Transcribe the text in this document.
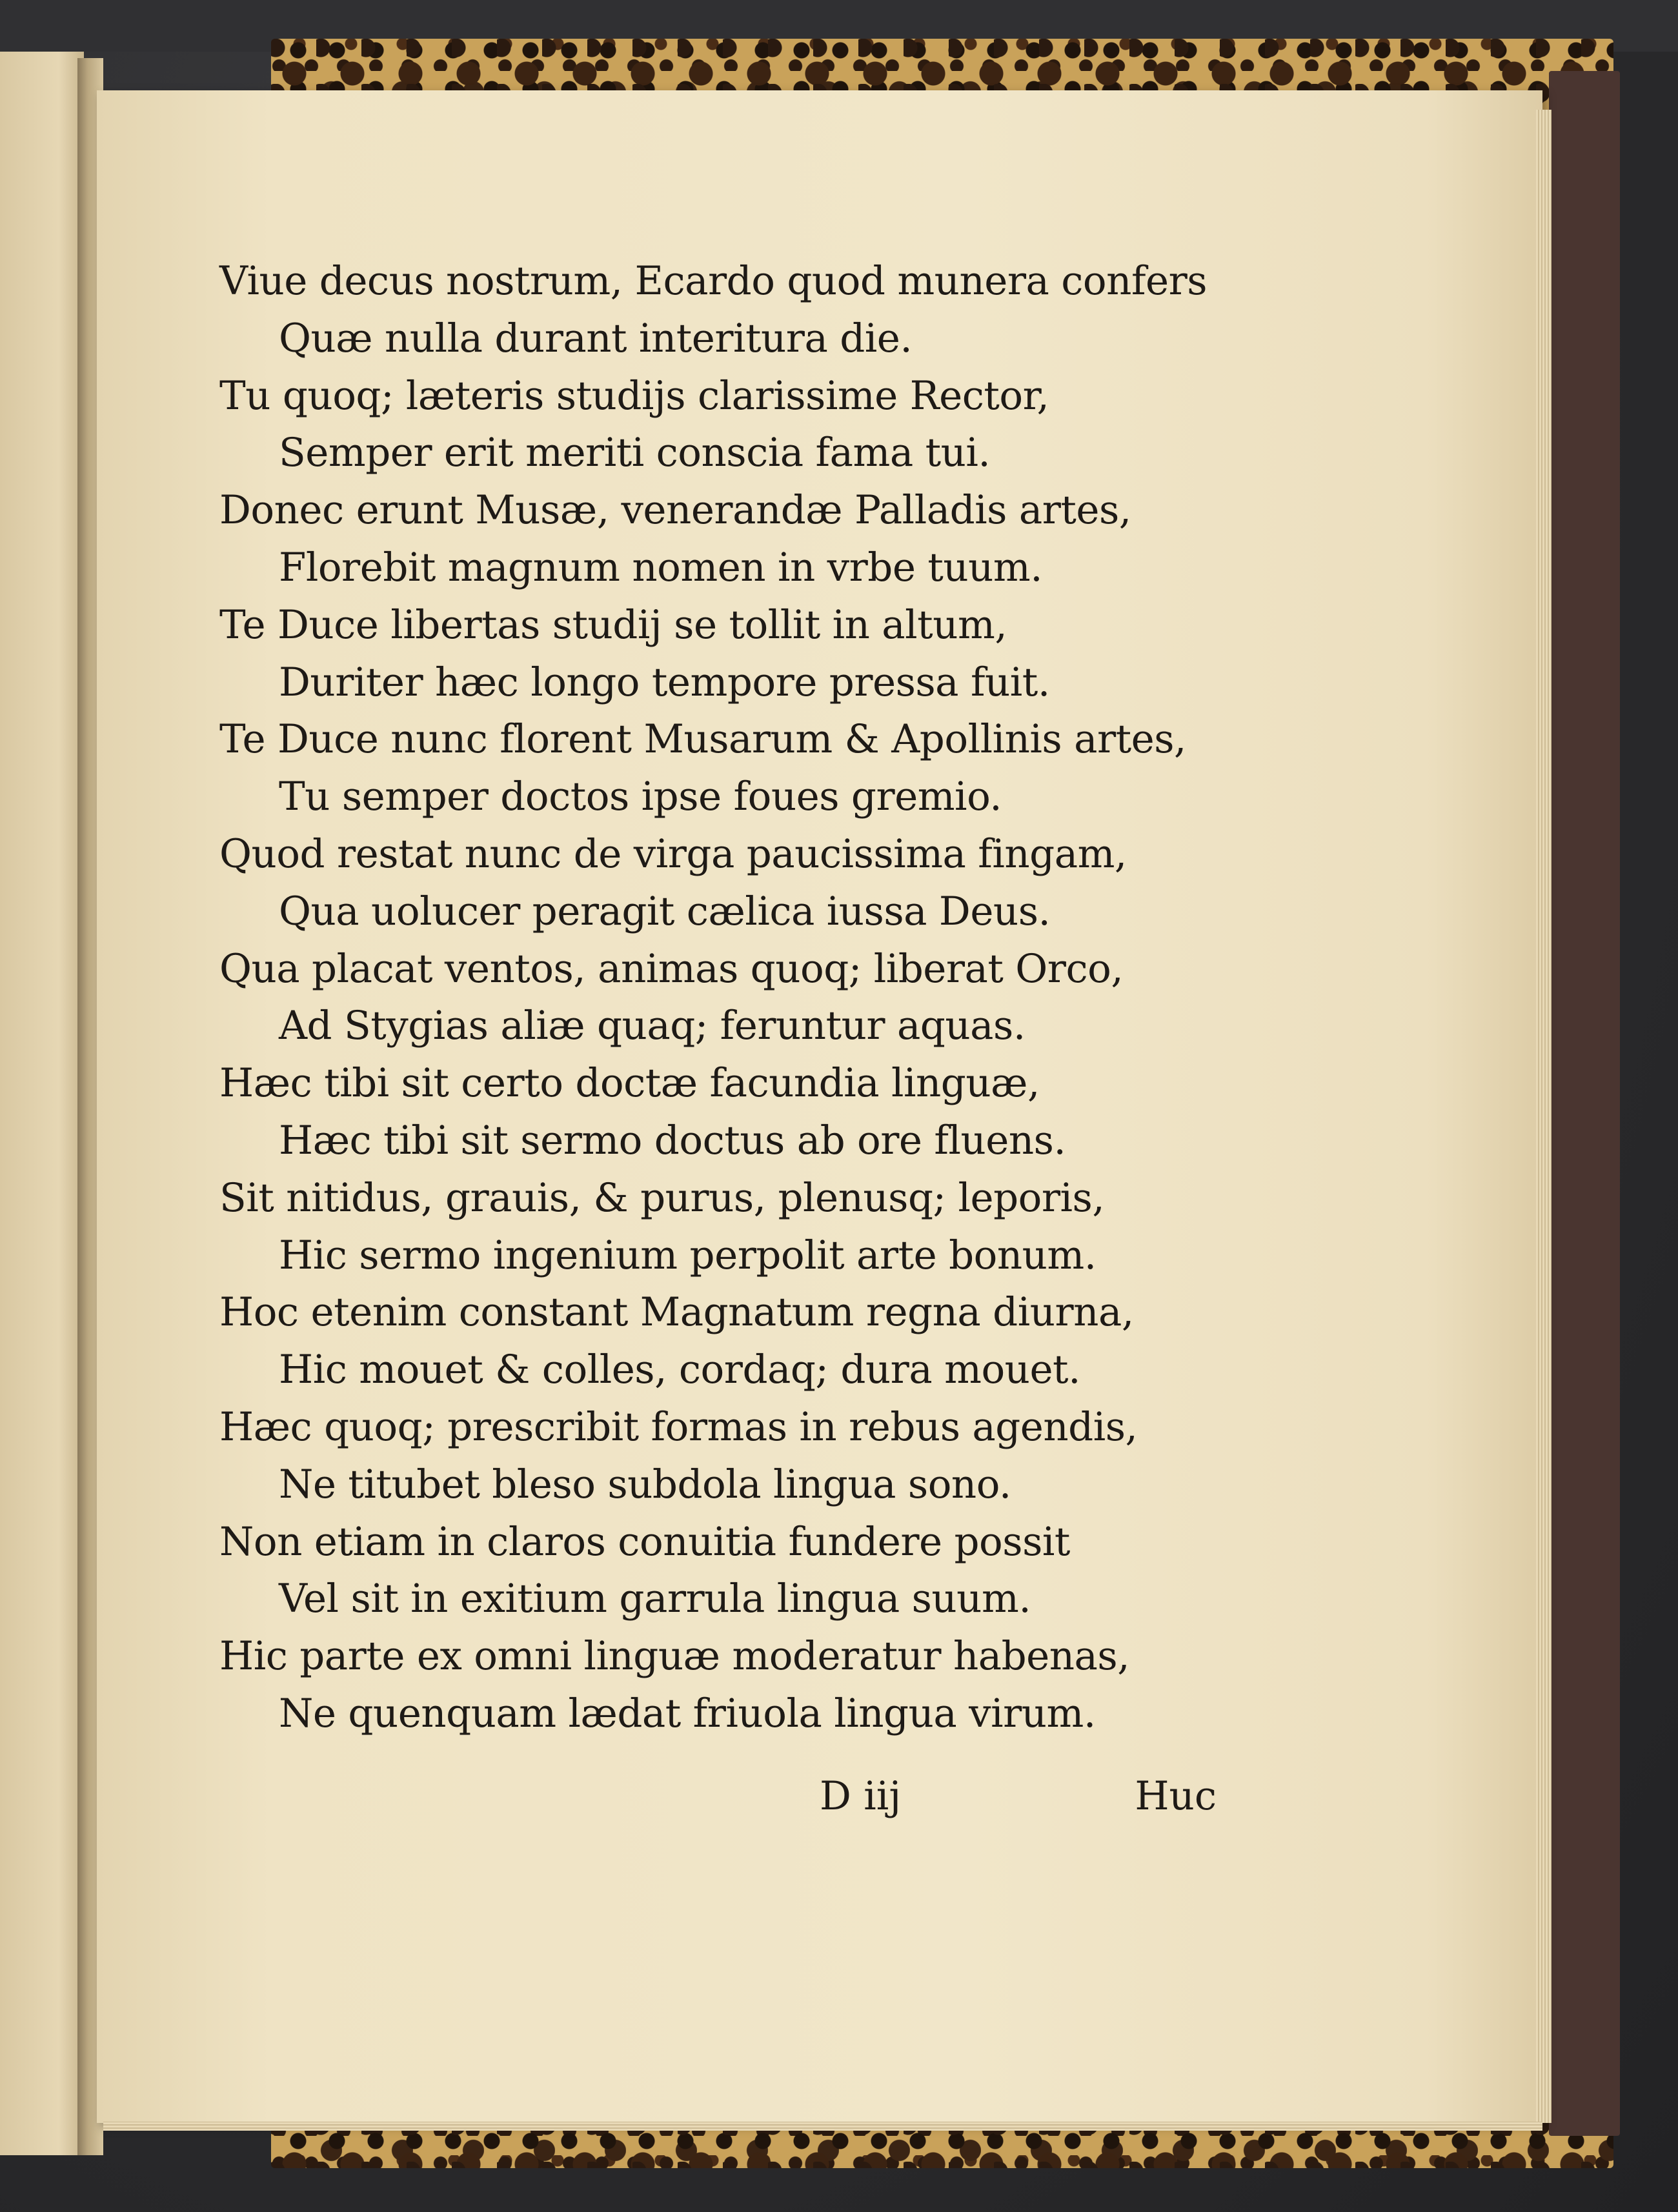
Viue decus nostrum, Ecardo quod munera confers
Quæ nulla durant interitura die.
Tu quoq; læteris studijs clarissime Rector,
Semper erit meriti conscia fama tui.
Donec erunt Musæ, venerandæ Palladis artes,
Florebit magnum nomen in vrbe tuum.
Te Duce libertas studij se tollit in altum,
Duriter hæc longo tempore pressa fuit.
Te Duce nunc florent Musarum & Apollinis artes,
Tu semper doctos ipse foues gremio.
Quod restat nunc de virga paucissima fingam,
Qua uolucer peragit cælica iussa Deus.
Qua placat ventos, animas quoq; liberat Orco,
Ad Stygias aliæ quaq; feruntur aquas.
Hæc tibi sit certo doctæ facundia linguæ,
Hæc tibi sit sermo doctus ab ore fluens.
Sit nitidus, grauis, & purus, plenusq; leporis,
Hic sermo ingenium perpolit arte bonum.
Hoc etenim constant Magnatum regna diurna,
Hic mouet & colles, cordaq; dura mouet.
Hæc quoq; prescribit formas in rebus agendis,
Ne titubet bleso subdola lingua sono.
Non etiam in claros conuitia fundere possit
Vel sit in exitium garrula lingua suum.
Hic parte ex omni linguæ moderatur habenas,
Ne quenquam lædat friuola lingua virum.
D iij	Huc
